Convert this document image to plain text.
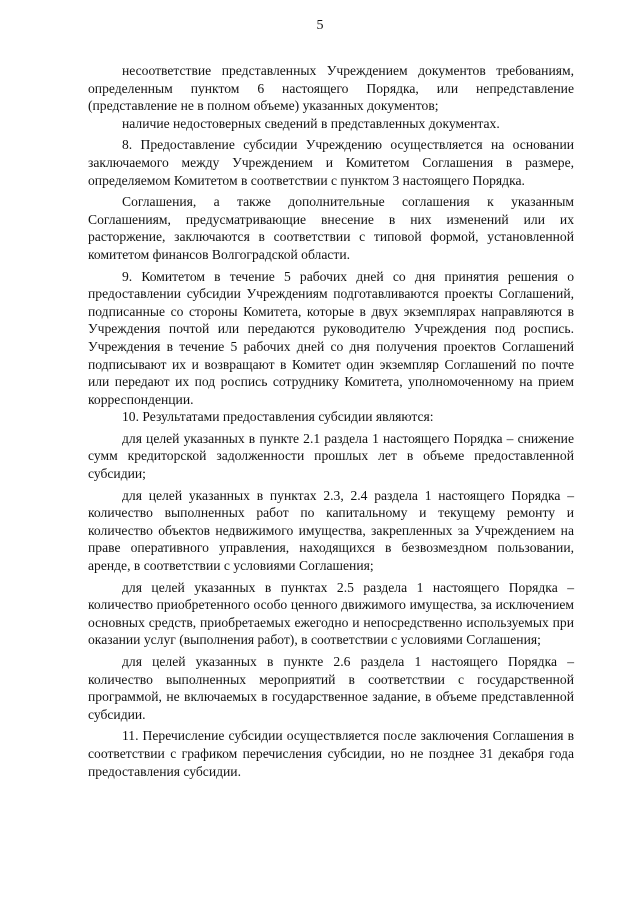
5

несоответствие представленных Учреждением документов требованиям, определенным пунктом 6 настоящего Порядка, или непредставление (представление не в полном объеме) указанных документов;

наличие недостоверных сведений в представленных документах.

8. Предоставление субсидии Учреждению осуществляется на основании заключаемого между Учреждением и Комитетом Соглашения в размере, определяемом Комитетом в соответствии с пунктом 3 настоящего Порядка.

Соглашения, а также дополнительные соглашения к указанным Соглашениям, предусматривающие внесение в них изменений или их расторжение, заключаются в соответствии с типовой формой, установленной комитетом финансов Волгоградской области.

9. Комитетом в течение 5 рабочих дней со дня принятия решения о предоставлении субсидии Учреждениям подготавливаются проекты Соглашений, подписанные со стороны Комитета, которые в двух экземплярах направляются в Учреждения почтой или передаются руководителю Учреждения под роспись. Учреждения в течение 5 рабочих дней со дня получения проектов Соглашений подписывают их и возвращают в Комитет один экземпляр Соглашений по почте или передают их под роспись сотруднику Комитета, уполномоченному на прием корреспонденции.

10. Результатами предоставления субсидии являются:

для целей указанных в пункте 2.1 раздела 1 настоящего Порядка – снижение сумм кредиторской задолженности прошлых лет в объеме предоставленной субсидии;

для целей указанных в пунктах 2.3, 2.4 раздела 1 настоящего Порядка – количество выполненных работ по капитальному и текущему ремонту и количество объектов недвижимого имущества, закрепленных за Учреждением на праве оперативного управления, находящихся в безвозмездном пользовании, аренде, в соответствии с условиями Соглашения;

для целей указанных в пунктах 2.5 раздела 1 настоящего Порядка – количество приобретенного особо ценного движимого имущества, за исключением основных средств, приобретаемых ежегодно и непосредственно используемых при оказании услуг (выполнения работ), в соответствии с условиями Соглашения;

для целей указанных в пункте 2.6 раздела 1 настоящего Порядка – количество выполненных мероприятий в соответствии с государственной программой, не включаемых в государственное задание, в объеме представленной субсидии.

11. Перечисление субсидии осуществляется после заключения Соглашения в соответствии с графиком перечисления субсидии, но не позднее 31 декабря года предоставления субсидии.
